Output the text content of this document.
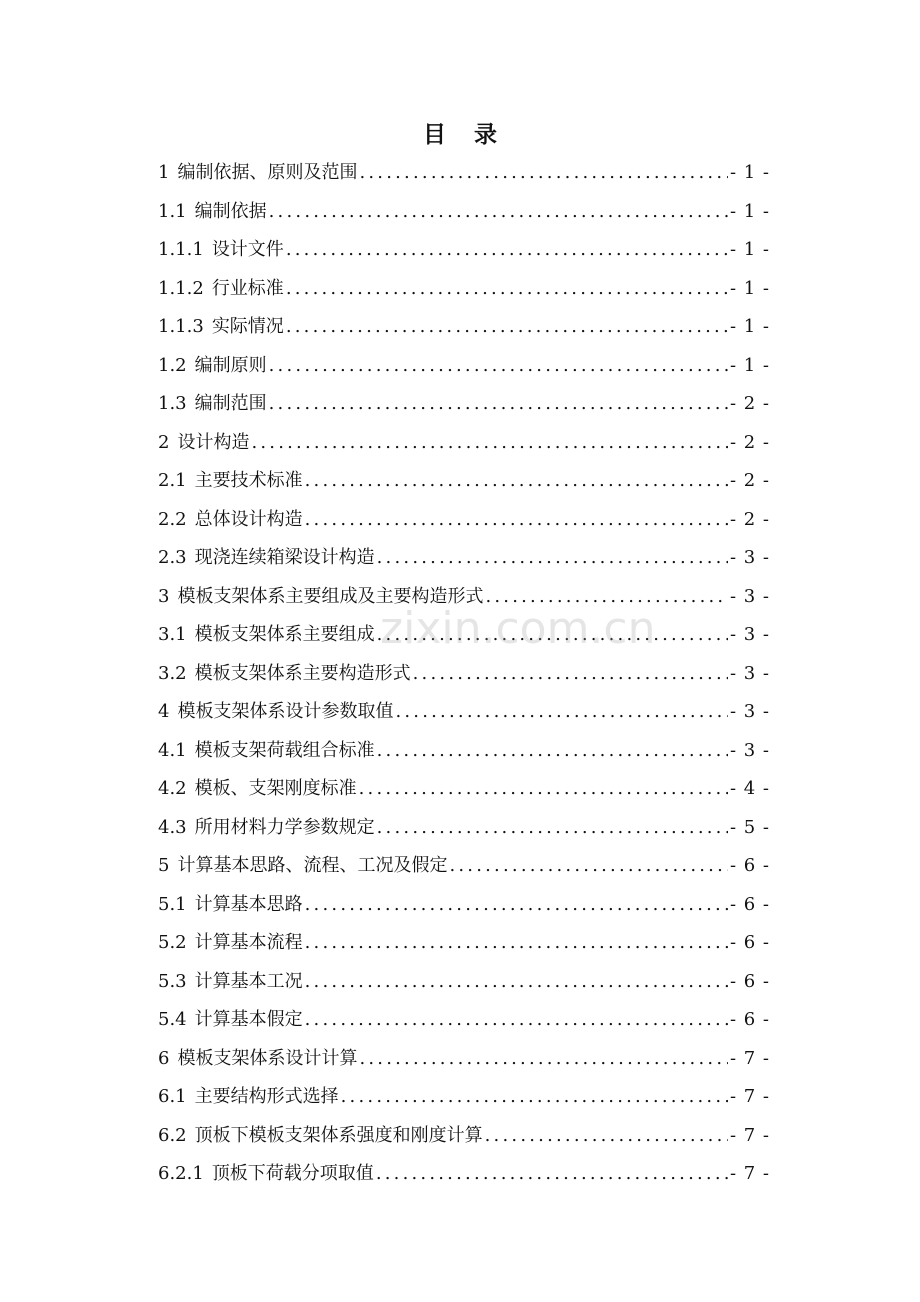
目 录
1 编制依据、原则及范围 .....	- 1 -
1.1 编制依据 .....	- 1 -
1.1.1 设计文件 .....	- 1 -
1.1.2 行业标准 .....	- 1 -
1.1.3 实际情况 .....	- 1 -
1.2 编制原则 .....	- 1 -
1.3 编制范围 .....	- 2 -
2 设计构造 .....	- 2 -
2.1 主要技术标准 .....	- 2 -
2.2 总体设计构造 .....	- 2 -
2.3 现浇连续箱梁设计构造 .....	- 3 -
3 模板支架体系主要组成及主要构造形式 .....	- 3 -
3.1 模板支架体系主要组成 .....	- 3 -
3.2 模板支架体系主要构造形式 .....	- 3 -
4 模板支架体系设计参数取值 .....	- 3 -
4.1 模板支架荷载组合标准 .....	- 3 -
4.2 模板、支架刚度标准 .....	- 4 -
4.3 所用材料力学参数规定 .....	- 5 -
5 计算基本思路、流程、工况及假定 .....	- 6 -
5.1 计算基本思路 .....	- 6 -
5.2 计算基本流程 .....	- 6 -
5.3 计算基本工况 .....	- 6 -
5.4 计算基本假定 .....	- 6 -
6 模板支架体系设计计算 .....	- 7 -
6.1 主要结构形式选择 .....	- 7 -
6.2 顶板下模板支架体系强度和刚度计算 .....	- 7 -
6.2.1 顶板下荷载分项取值 .....	- 7 -
zixin.com.cn
